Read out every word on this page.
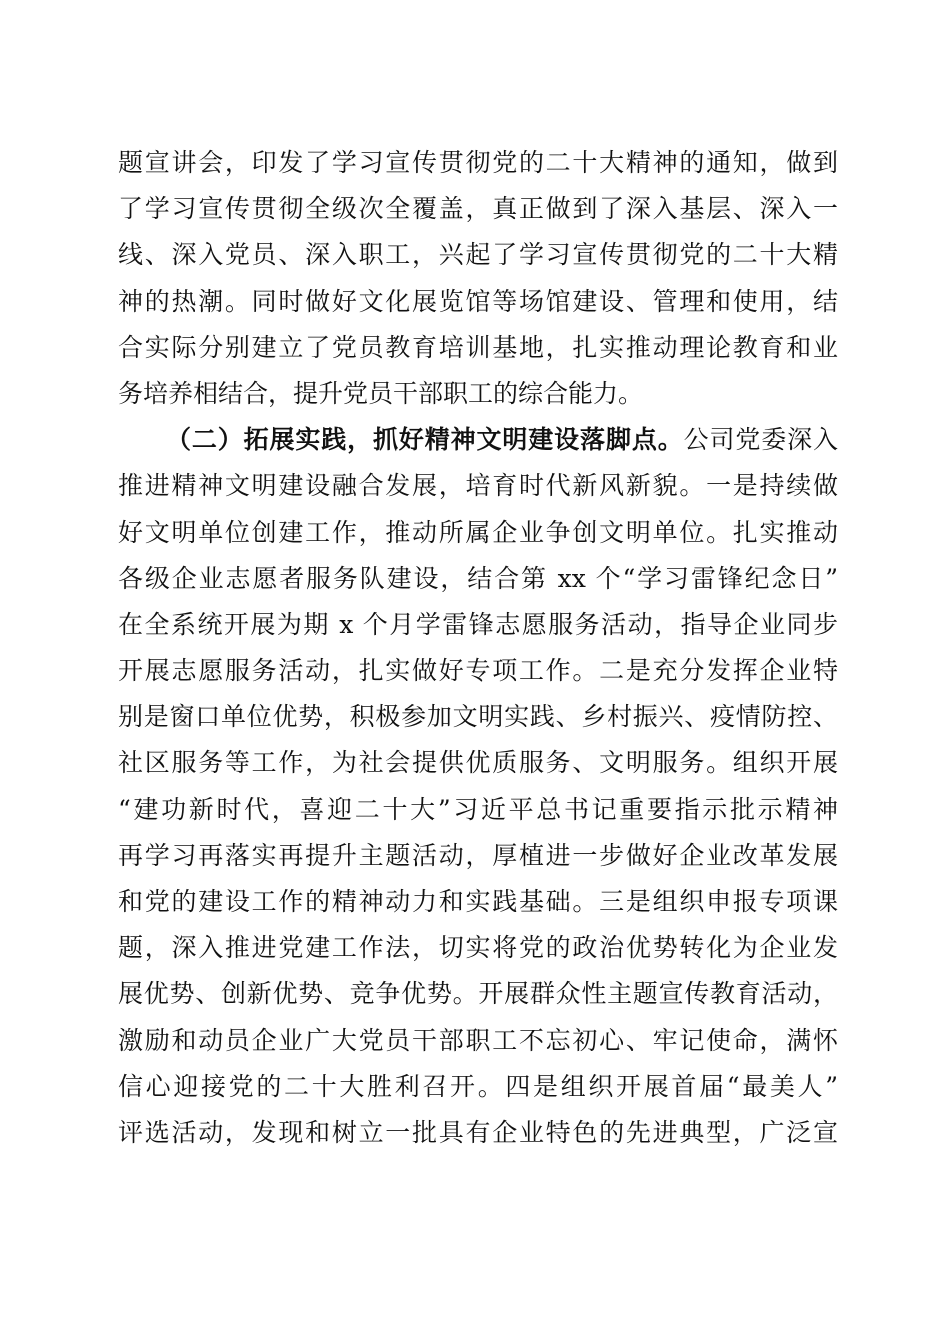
题宣讲会，印发了学习宣传贯彻党的二十大精神的通知，做到
了学习宣传贯彻全级次全覆盖，真正做到了深入基层、深入一
线、深入党员、深入职工，兴起了学习宣传贯彻党的二十大精
神的热潮。同时做好文化展览馆等场馆建设、管理和使用，结
合实际分别建立了党员教育培训基地，扎实推动理论教育和业
务培养相结合，提升党员干部职工的综合能力。
（二）拓展实践，抓好精神文明建设落脚点。公司党委深入
推进精神文明建设融合发展，培育时代新风新貌。一是持续做
好文明单位创建工作，推动所属企业争创文明单位。扎实推动
各级企业志愿者服务队建设，结合第 xx 个“学习雷锋纪念日”
在全系统开展为期 x 个月学雷锋志愿服务活动，指导企业同步
开展志愿服务活动，扎实做好专项工作。二是充分发挥企业特
别是窗口单位优势，积极参加文明实践、乡村振兴、疫情防控、
社区服务等工作，为社会提供优质服务、文明服务。组织开展
“建功新时代，喜迎二十大”习近平总书记重要指示批示精神
再学习再落实再提升主题活动，厚植进一步做好企业改革发展
和党的建设工作的精神动力和实践基础。三是组织申报专项课
题，深入推进党建工作法，切实将党的政治优势转化为企业发
展优势、创新优势、竞争优势。开展群众性主题宣传教育活动，
激励和动员企业广大党员干部职工不忘初心、牢记使命，满怀
信心迎接党的二十大胜利召开。四是组织开展首届“最美人”
评选活动，发现和树立一批具有企业特色的先进典型，广泛宣
